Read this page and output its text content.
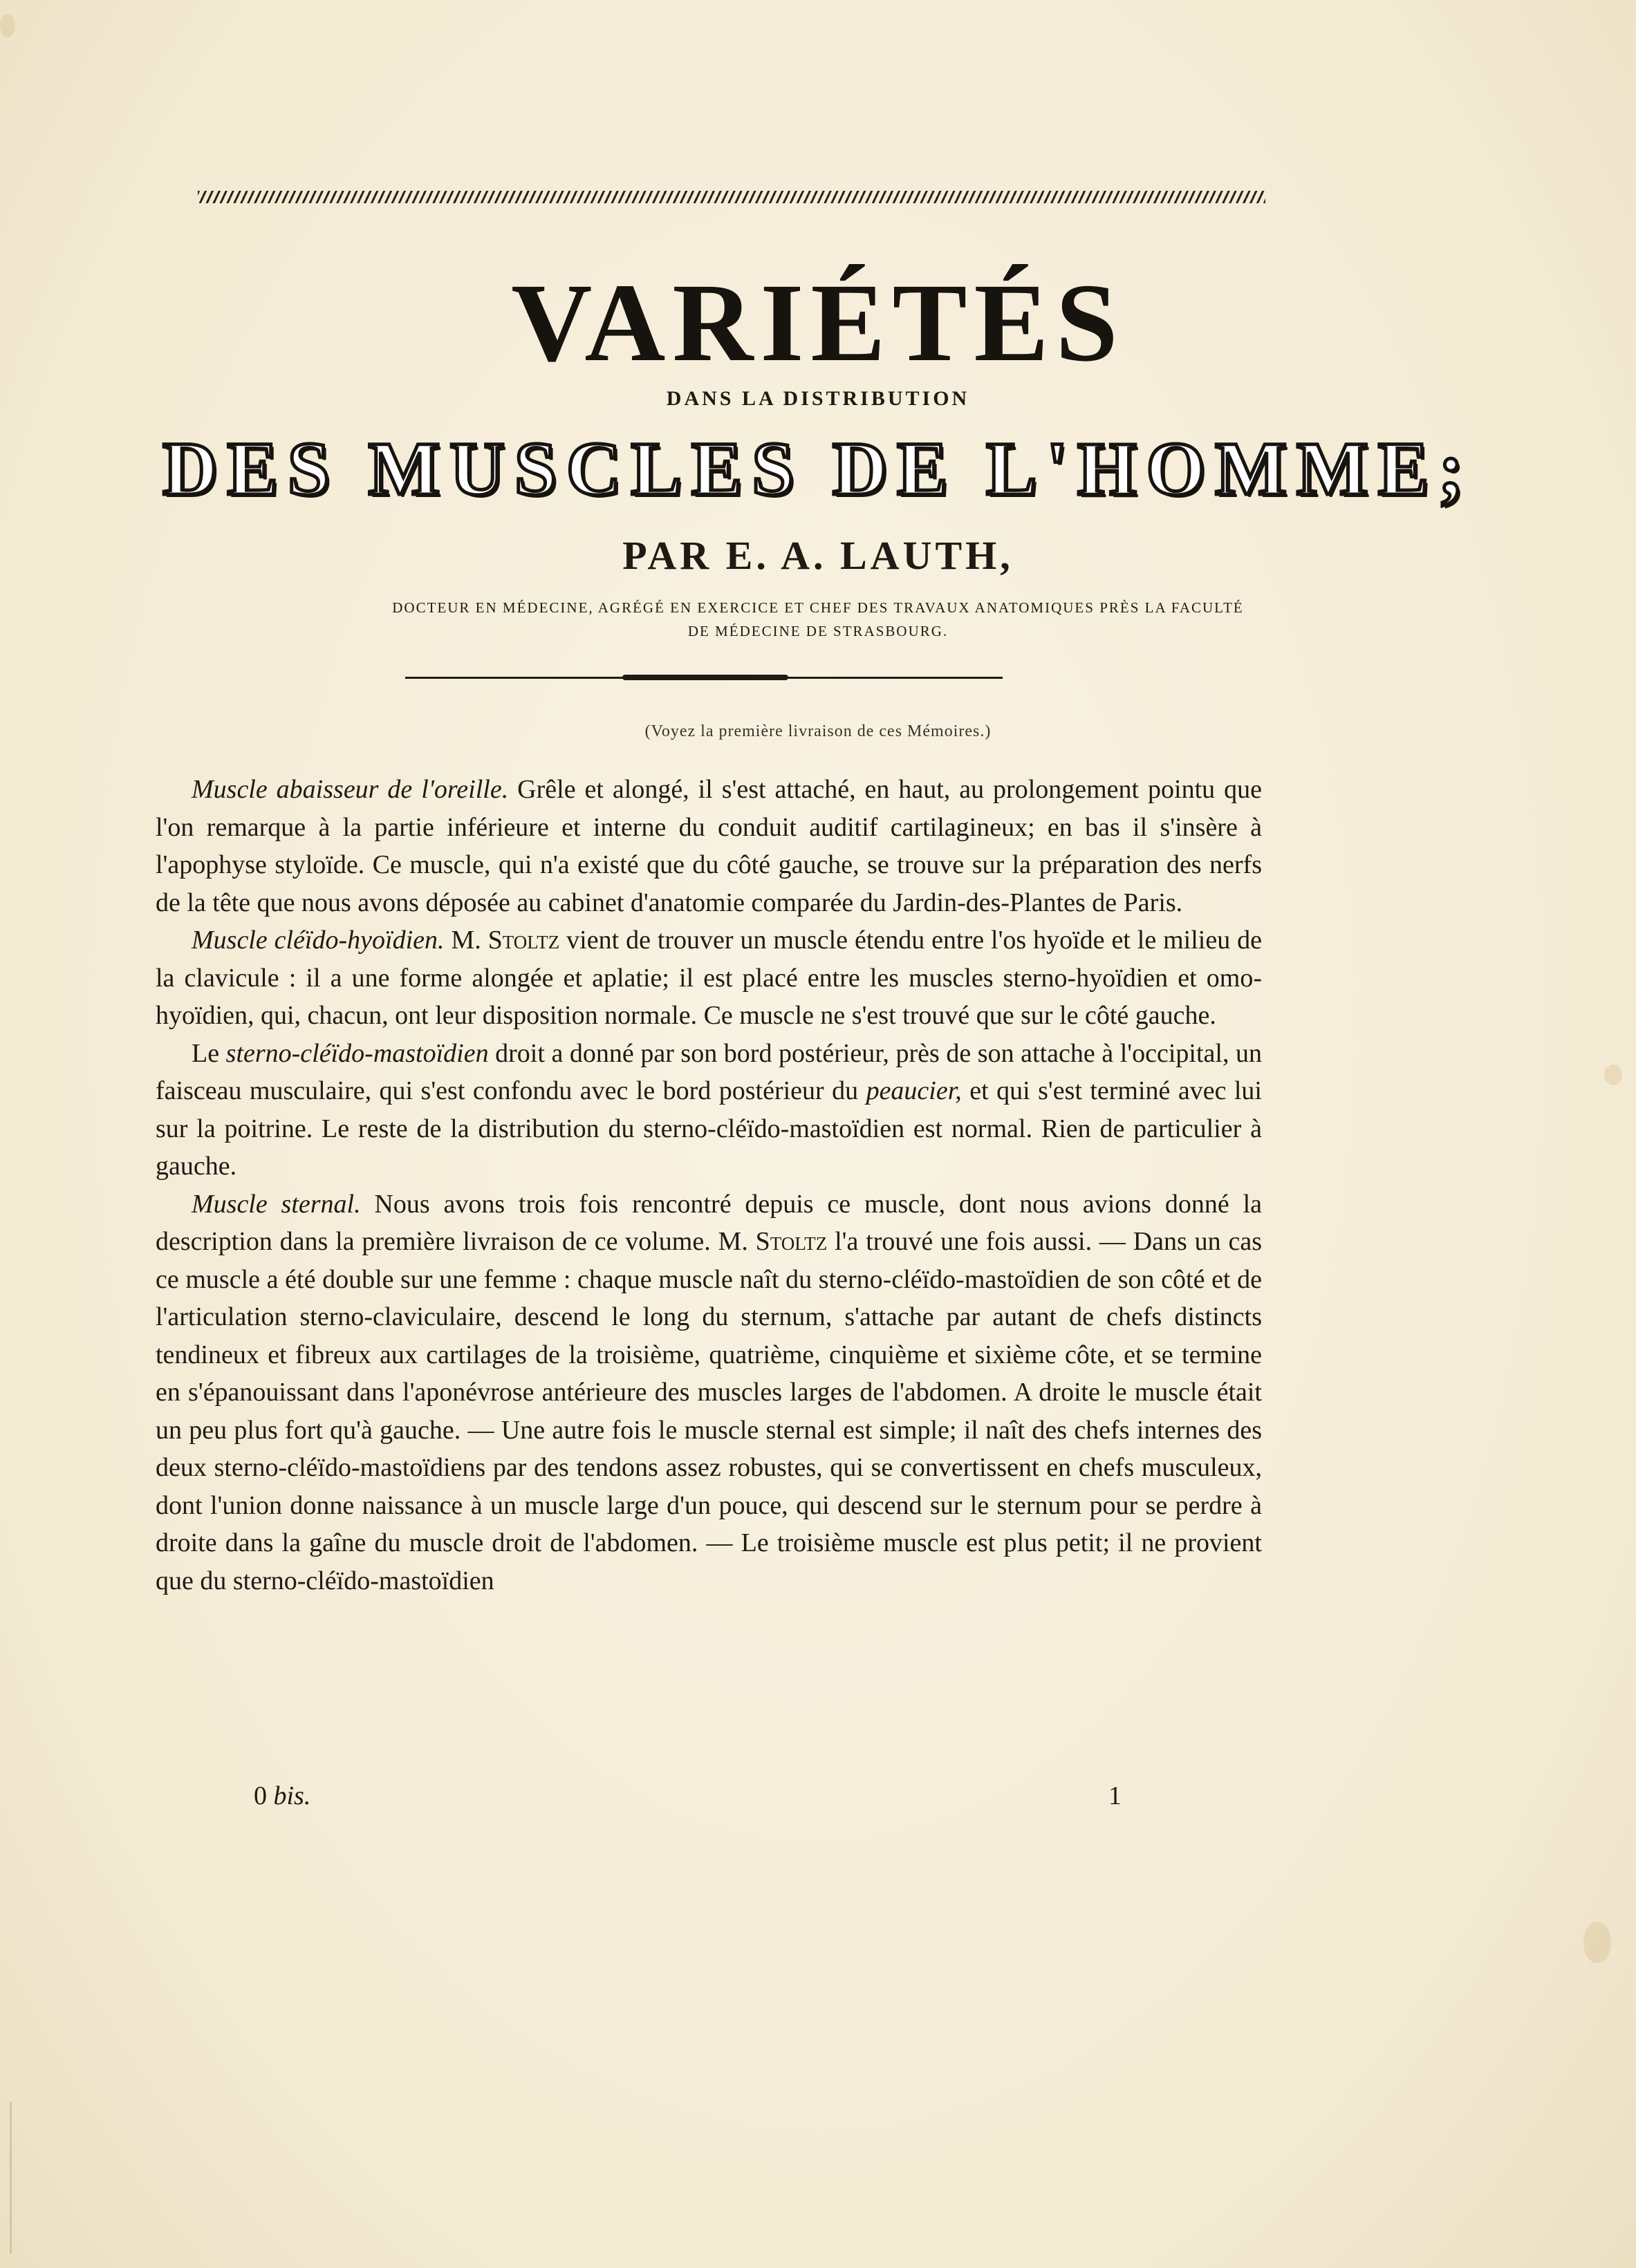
VARIÉTÉS
DANS LA DISTRIBUTION
DES MUSCLES DE L'HOMME;
PAR E. A. LAUTH,
DOCTEUR EN MÉDECINE, AGRÉGÉ EN EXERCICE ET CHEF DES TRAVAUX ANATOMIQUES PRÈS LA FACULTÉ
DE MÉDECINE DE STRASBOURG.
(Voyez la première livraison de ces Mémoires.)

Muscle abaisseur de l'oreille. Grêle et alongé, il s'est attaché, en haut, au prolongement pointu que l'on remarque à la partie inférieure et interne du conduit auditif cartilagineux; en bas il s'insère à l'apophyse styloïde. Ce muscle, qui n'a existé que du côté gauche, se trouve sur la préparation des nerfs de la tête que nous avons déposée au cabinet d'anatomie comparée du Jardin-des-Plantes de Paris.

Muscle cléïdo-hyoïdien. M. Stoltz vient de trouver un muscle étendu entre l'os hyoïde et le milieu de la clavicule : il a une forme alongée et aplatie; il est placé entre les muscles sterno-hyoïdien et omo-hyoïdien, qui, chacun, ont leur disposition normale. Ce muscle ne s'est trouvé que sur le côté gauche.

Le sterno-cléïdo-mastoïdien droit a donné par son bord postérieur, près de son attache à l'occipital, un faisceau musculaire, qui s'est confondu avec le bord postérieur du peaucier, et qui s'est terminé avec lui sur la poitrine. Le reste de la distribution du sterno-cléïdo-mastoïdien est normal. Rien de particulier à gauche.

Muscle sternal. Nous avons trois fois rencontré depuis ce muscle, dont nous avions donné la description dans la première livraison de ce volume. M. Stoltz l'a trouvé une fois aussi. — Dans un cas ce muscle a été double sur une femme : chaque muscle naît du sterno-cléïdo-mastoïdien de son côté et de l'articulation sterno-claviculaire, descend le long du sternum, s'attache par autant de chefs distincts tendineux et fibreux aux cartilages de la troisième, quatrième, cinquième et sixième côte, et se termine en s'épanouissant dans l'aponévrose antérieure des muscles larges de l'abdomen. A droite le muscle était un peu plus fort qu'à gauche. — Une autre fois le muscle sternal est simple; il naît des chefs internes des deux sterno-cléïdo-mastoïdiens par des tendons assez robustes, qui se convertissent en chefs musculeux, dont l'union donne naissance à un muscle large d'un pouce, qui descend sur le sternum pour se perdre à droite dans la gaîne du muscle droit de l'abdomen. — Le troisième muscle est plus petit; il ne provient que du sterno-cléïdo-mastoïdien

0 bis.	1
